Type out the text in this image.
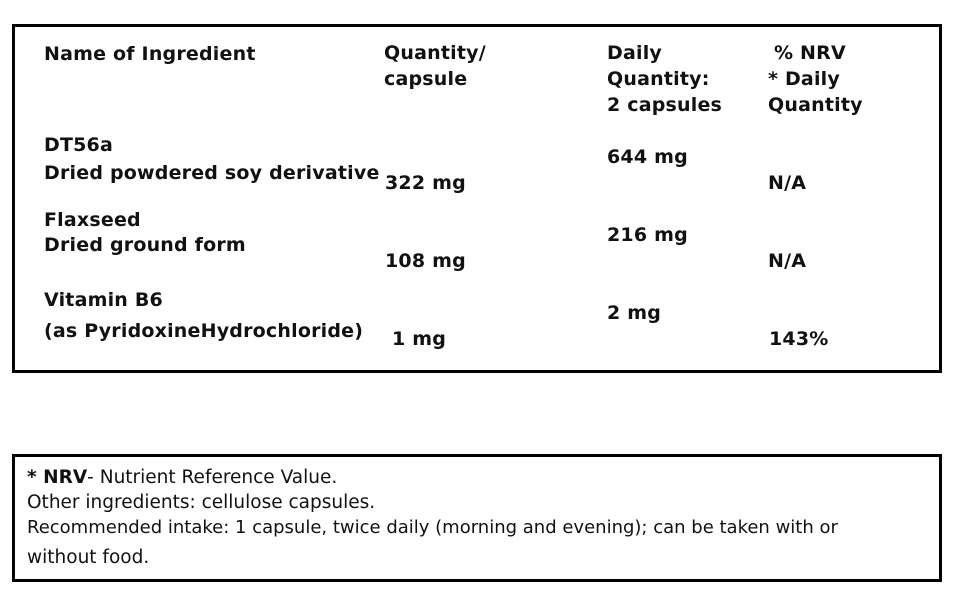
Name of Ingredient	Quantity/
capsule
Daily
Quantity:
2 capsules
% NRV
* Daily
Quantity
DT56a
Dried powdered soy derivative 322 mg
644 mg
N/A
Flaxseed
Dried ground form
108 mg
216 mg
N/A
Vitamin B6
(as PyridoxineHydrochloride) 1 mg
2 mg
143%
* NRV- Nutrient Reference Value.
Other ingredients: cellulose capsules.
Recommended intake: 1 capsule, twice daily (morning and evening); can be taken with or
without food.
